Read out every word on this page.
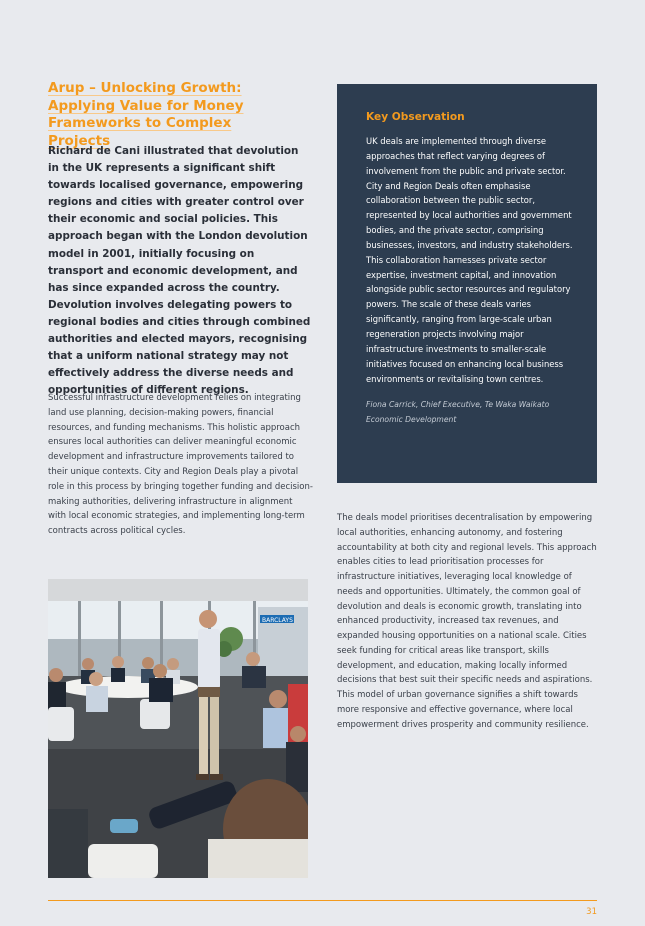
Arup – Unlocking Growth: Applying Value for Money Frameworks to Complex Projects

Richard de Cani illustrated that devolution in the UK represents a significant shift towards localised governance, empowering regions and cities with greater control over their economic and social policies. This approach began with the London devolution model in 2001, initially focusing on transport and economic development, and has since expanded across the country. Devolution involves delegating powers to regional bodies and cities through combined authorities and elected mayors, recognising that a uniform national strategy may not effectively address the diverse needs and opportunities of different regions.

Successful infrastructure development relies on integrating land use planning, decision-making powers, financial resources, and funding mechanisms. This holistic approach ensures local authorities can deliver meaningful economic development and infrastructure improvements tailored to their unique contexts. City and Region Deals play a pivotal role in this process by bringing together funding and decision-making authorities, delivering infrastructure in alignment with local economic strategies, and implementing long-term contracts across political cycles.

BARCLAYS
Key Observation

UK deals are implemented through diverse approaches that reflect varying degrees of involvement from the public and private sector. City and Region Deals often emphasise collaboration between the public sector, represented by local authorities and government bodies, and the private sector, comprising businesses, investors, and industry stakeholders. This collaboration harnesses private sector expertise, investment capital, and innovation alongside public sector resources and regulatory powers. The scale of these deals varies significantly, ranging from large-scale urban regeneration projects involving major infrastructure investments to smaller-scale initiatives focused on enhancing local business environments or revitalising town centres.

Fiona Carrick, Chief Executive, Te Waka Waikato Economic Development

The deals model prioritises decentralisation by empowering local authorities, enhancing autonomy, and fostering accountability at both city and regional levels. This approach enables cities to lead prioritisation processes for infrastructure initiatives, leveraging local knowledge of needs and opportunities. Ultimately, the common goal of devolution and deals is economic growth, translating into enhanced productivity, increased tax revenues, and expanded housing opportunities on a national scale. Cities seek funding for critical areas like transport, skills development, and education, making locally informed decisions that best suit their specific needs and aspirations. This model of urban governance signifies a shift towards more responsive and effective governance, where local empowerment drives prosperity and community resilience.

31
